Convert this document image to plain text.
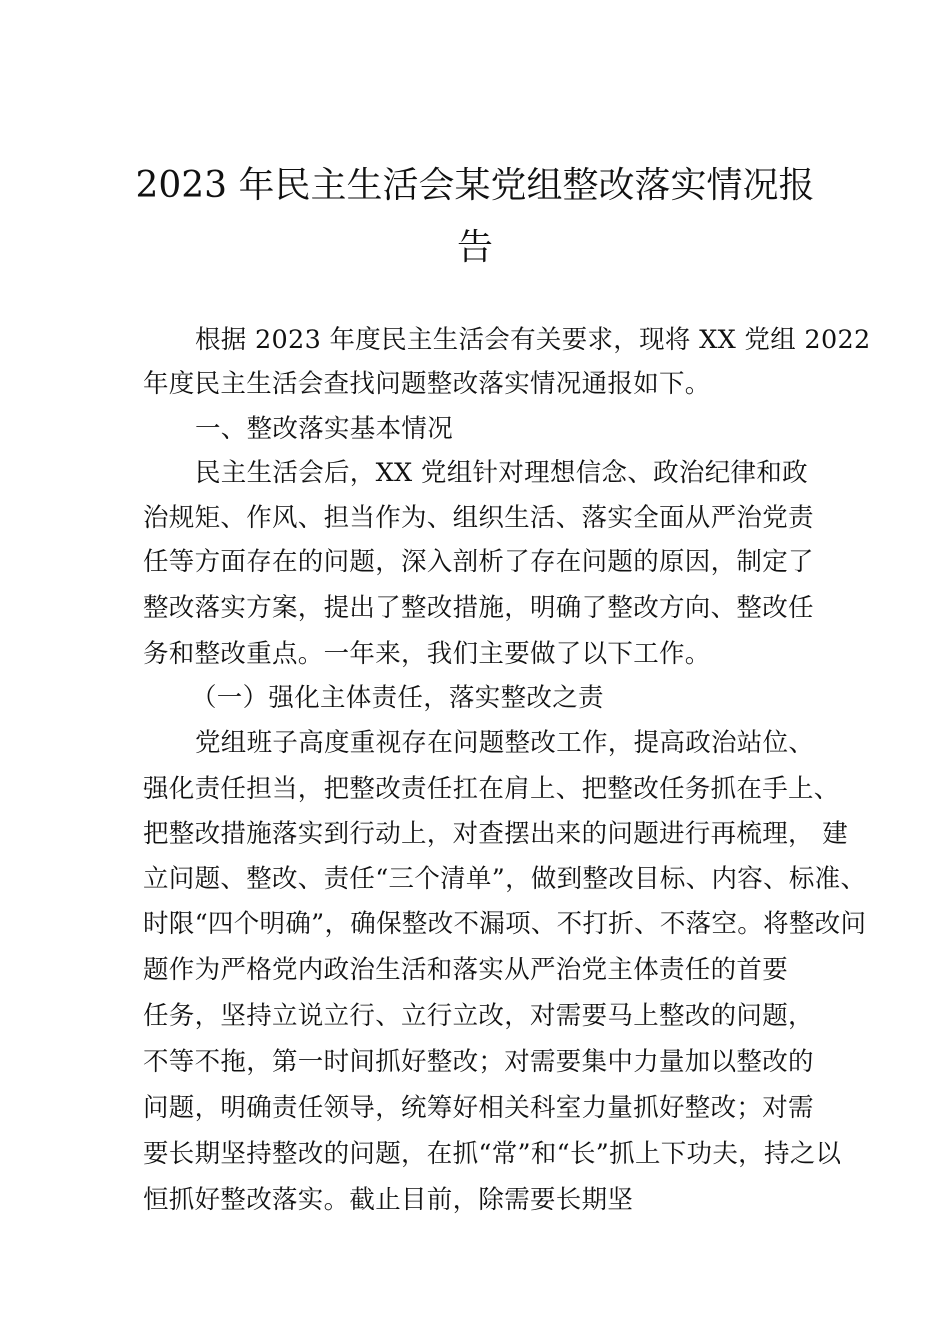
2023 年民主生活会某党组整改落实情况报
告

根据 2023 年度民主生活会有关要求，现将 XX 党组 2022

年度民主生活会查找问题整改落实情况通报如下。

一、整改落实基本情况

民主生活会后，XX 党组针对理想信念、政治纪律和政

治规矩、作风、担当作为、组织生活、落实全面从严治党责

任等方面存在的问题，深入剖析了存在问题的原因，制定了

整改落实方案，提出了整改措施，明确了整改方向、整改任

务和整改重点。一年来，我们主要做了以下工作。

（一）强化主体责任，落实整改之责

党组班子高度重视存在问题整改工作，提高政治站位、

强化责任担当，把整改责任扛在肩上、把整改任务抓在手上、

把整改措施落实到行动上，对查摆出来的问题进行再梳理， 建

立问题、整改、责任“三个清单”，做到整改目标、内容、标准、

时限“四个明确”，确保整改不漏项、不打折、不落空。将整改问

题作为严格党内政治生活和落实从严治党主体责任的首要

任务，坚持立说立行、立行立改，对需要马上整改的问题，

不等不拖，第一时间抓好整改；对需要集中力量加以整改的

问题，明确责任领导，统筹好相关科室力量抓好整改；对需

要长期坚持整改的问题，在抓“常”和“长”抓上下功夫，持之以

恒抓好整改落实。截止目前，除需要长期坚
